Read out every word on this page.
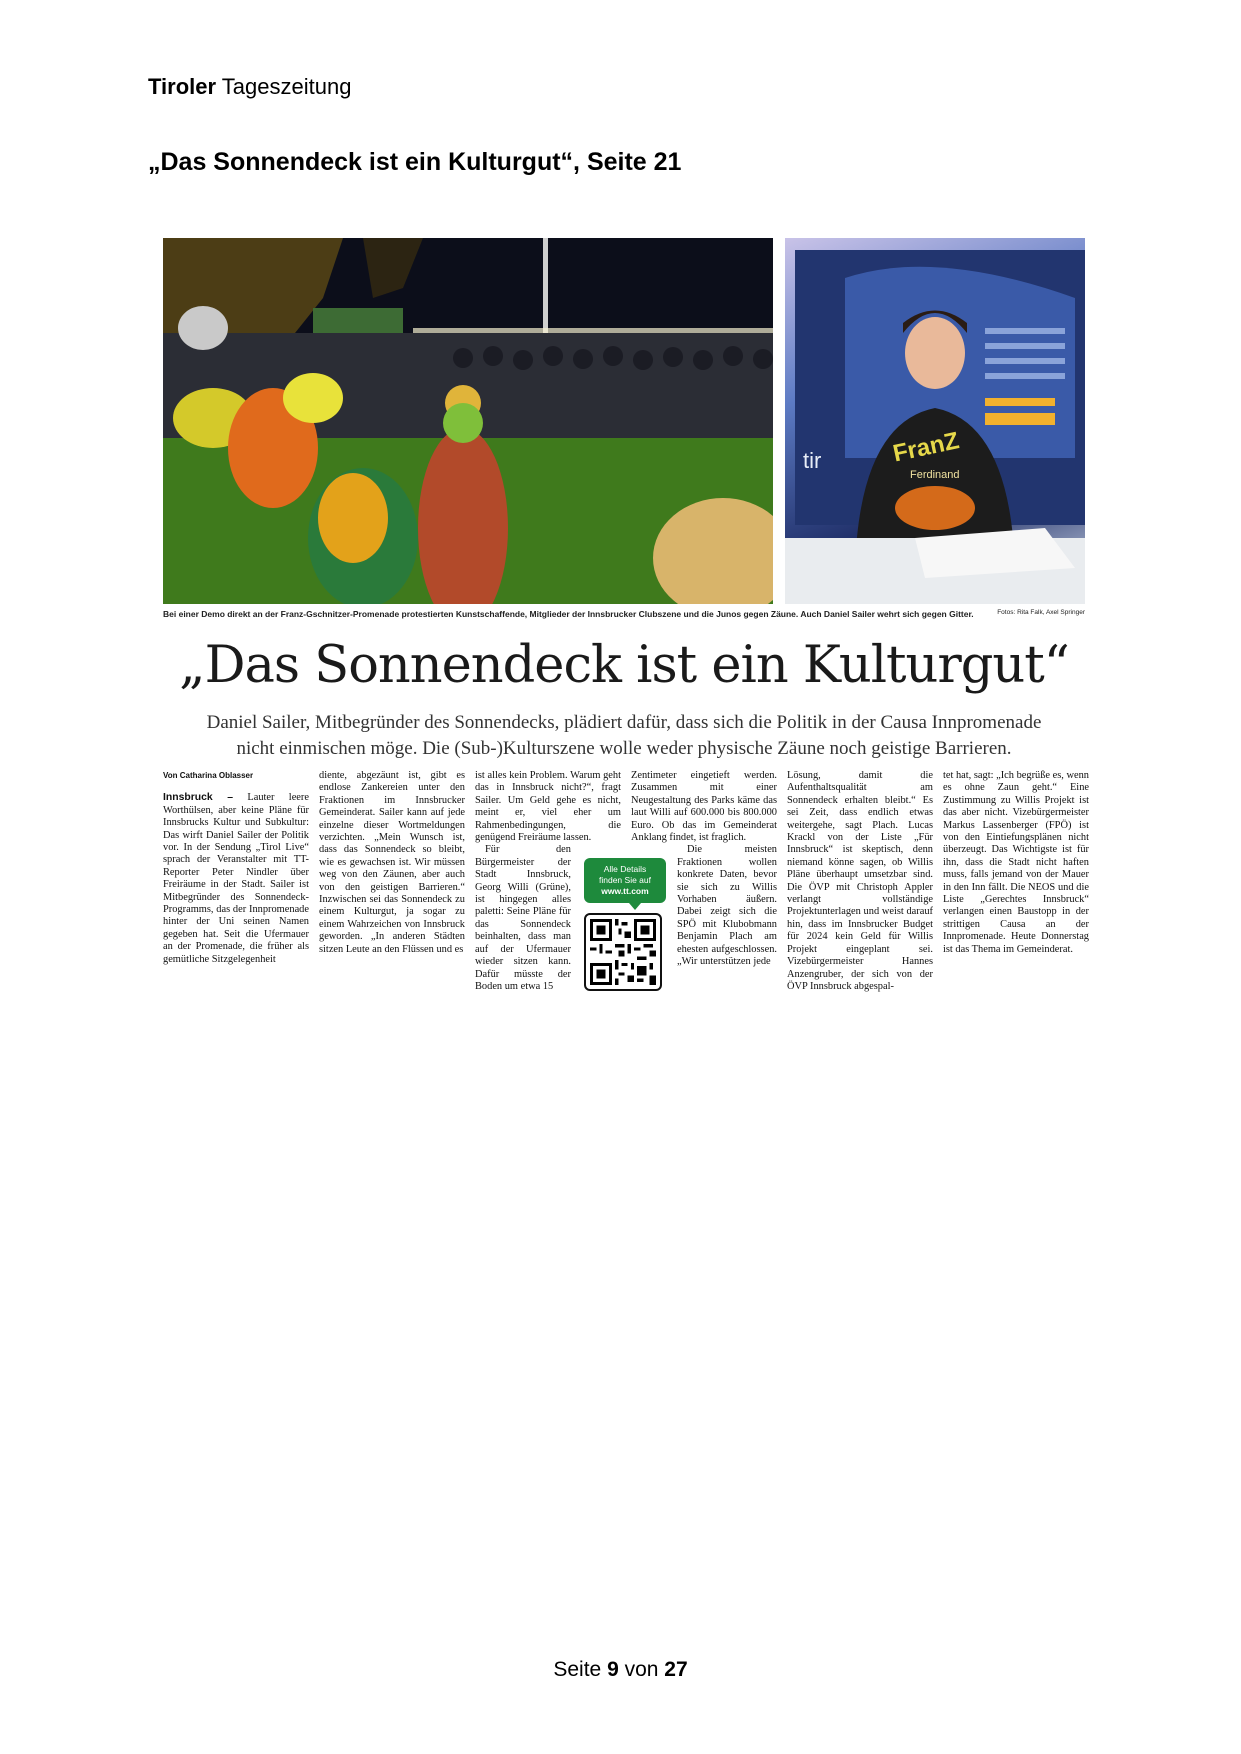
Tiroler Tageszeitung
„Das Sonnendeck ist ein Kulturgut“, Seite 21
tir	FranZ
Ferdinand
Bei einer Demo direkt an der Franz-Gschnitzer-Promenade protestierten Kunstschaffende, Mitglieder der Innsbrucker Clubszene und die Junos gegen Zäune. Auch Daniel Sailer wehrt sich gegen Gitter.	Fotos: Rita Falk, Axel Springer
„Das Sonnendeck ist ein Kulturgut“
Daniel Sailer, Mitbegründer des Sonnendecks, plädiert dafür, dass sich die Politik in der Causa Innpromenade
nicht einmischen möge. Die (Sub-)Kulturszene wolle weder physische Zäune noch geistige Barrieren.
Von Catharina Oblasser

Innsbruck – Lauter leere Worthülsen, aber keine Pläne für Innsbrucks Kultur und Subkultur: Das wirft Daniel Sailer der Politik vor. In der Sendung „Tirol Live“ sprach der Veranstalter mit TT-Reporter Peter Nindler über Freiräume in der Stadt. Sailer ist Mitbegründer des Sonnendeck-Programms, das der Innpromenade hinter der Uni seinen Namen gegeben hat. Seit die Ufermauer an der Promenade, die früher als gemütliche Sitzgelegenheit

diente, abgezäunt ist, gibt es endlose Zankereien unter den Fraktionen im Innsbrucker Gemeinderat. Sailer kann auf jede einzelne dieser Wortmeldungen verzichten. „Mein Wunsch ist, dass das Sonnendeck so bleibt, wie es gewachsen ist. Wir müssen weg von den Zäunen, aber auch von den geistigen Barrieren.“ Inzwischen sei das Sonnendeck zu einem Kulturgut, ja sogar zu einem Wahrzeichen von Innsbruck geworden. „In anderen Städten sitzen Leute an den Flüssen und es

ist alles kein Problem. Warum geht das in Innsbruck nicht?“, fragt Sailer. Um Geld gehe es nicht, meint er, viel eher um Rahmenbedingungen, die genügend Freiräume lassen.

Für den Bürgermeister der Stadt Innsbruck, Georg Willi (Grüne), ist hingegen alles paletti: Seine Pläne für das Sonnendeck beinhalten, dass man auf der Ufermauer wieder sitzen kann. Dafür müsste der Boden um etwa 15

Zentimeter eingetieft werden. Zusammen mit einer Neugestaltung des Parks käme das laut Willi auf 600.000 bis 800.000 Euro. Ob das im Gemeinderat Anklang findet, ist fraglich.

Die meisten Fraktionen wollen konkrete Daten, bevor sie sich zu Willis Vorhaben äußern. Dabei zeigt sich die SPÖ mit Klubobmann Benjamin Plach am ehesten aufgeschlossen. „Wir unterstützen jede

Lösung, damit die Aufenthaltsqualität am Sonnendeck erhalten bleibt.“ Es sei Zeit, dass endlich etwas weitergehe, sagt Plach. Lucas Krackl von der Liste „Für Innsbruck“ ist skeptisch, denn niemand könne sagen, ob Willis Pläne überhaupt umsetzbar sind. Die ÖVP mit Christoph Appler verlangt vollständige Projektunterlagen und weist darauf hin, dass im Innsbrucker Budget für 2024 kein Geld für Willis Projekt eingeplant sei. Vizebürgermeister Hannes Anzengruber, der sich von der ÖVP Innsbruck abgespal-

tet hat, sagt: „Ich begrüße es, wenn es ohne Zaun geht.“ Eine Zustimmung zu Willis Projekt ist das aber nicht. Vizebürgermeister Markus Lassenberger (FPÖ) ist von den Eintiefungsplänen nicht überzeugt. Das Wichtigste ist für ihn, dass die Stadt nicht haften muss, falls jemand von der Mauer in den Inn fällt. Die NEOS und die Liste „Gerechtes Innsbruck“ verlangen einen Baustopp in der strittigen Causa an der Innpromenade. Heute Donnerstag ist das Thema im Gemeinderat.

Alle Details
finden Sie auf
www.tt.com
Seite 9 von 27
